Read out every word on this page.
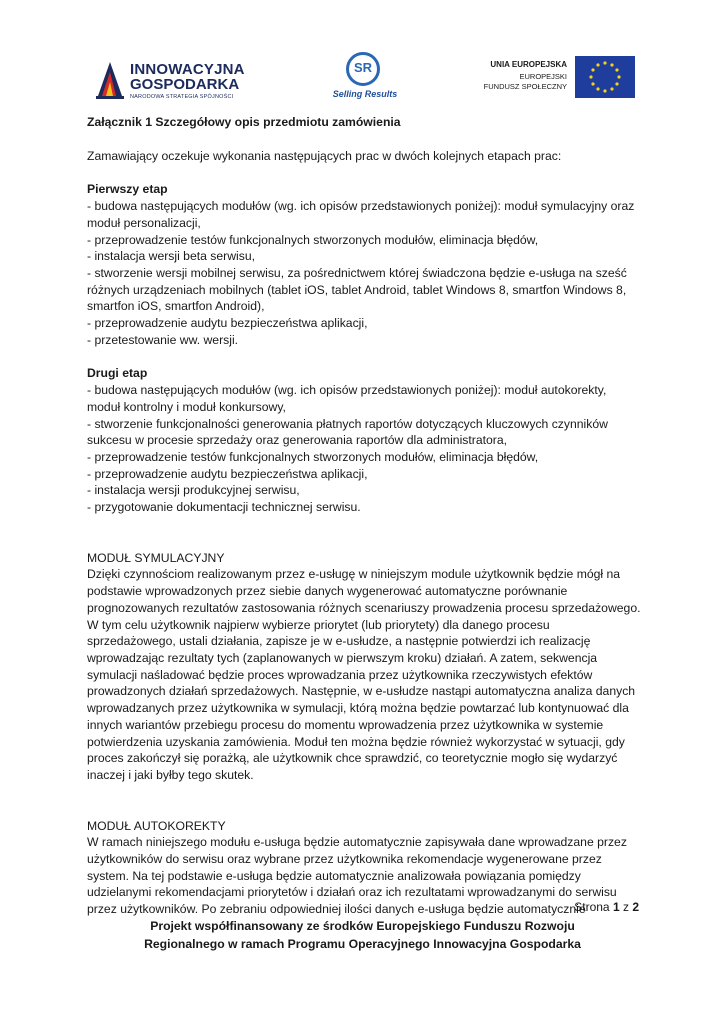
INNOWACYJNA
GOSPODARKA
NARODOWA STRATEGIA SPÓJNOŚCI
SR
Selling Results
UNIA EUROPEJSKA
EUROPEJSKI
FUNDUSZ SPOŁECZNY

Załącznik 1 Szczegółowy opis przedmiotu zamówienia

Zamawiający oczekuje wykonania następujących prac w dwóch kolejnych etapach prac:

Pierwszy etap

- budowa następujących modułów (wg. ich opisów przedstawionych poniżej): moduł symulacyjny oraz

moduł personalizacji,

- przeprowadzenie testów funkcjonalnych stworzonych modułów, eliminacja błędów,

- instalacja wersji beta serwisu,

- stworzenie wersji mobilnej serwisu, za pośrednictwem której świadczona będzie e-usługa na sześć

różnych urządzeniach mobilnych (tablet iOS, tablet Android, tablet Windows 8, smartfon Windows 8,

smartfon iOS, smartfon Android),

- przeprowadzenie audytu bezpieczeństwa aplikacji,

- przetestowanie ww. wersji.

Drugi etap

- budowa następujących modułów (wg. ich opisów przedstawionych poniżej): moduł autokorekty,

moduł kontrolny i moduł konkursowy,

- stworzenie funkcjonalności generowania płatnych raportów dotyczących kluczowych czynników

sukcesu w procesie sprzedaży oraz generowania raportów dla administratora,

- przeprowadzenie testów funkcjonalnych stworzonych modułów, eliminacja błędów,

- przeprowadzenie audytu bezpieczeństwa aplikacji,

- instalacja wersji produkcyjnej serwisu,

- przygotowanie dokumentacji technicznej serwisu.

MODUŁ SYMULACYJNY

Dzięki czynnościom realizowanym przez e-usługę w niniejszym module użytkownik będzie mógł na

podstawie wprowadzonych przez siebie danych wygenerować automatyczne porównanie

prognozowanych rezultatów zastosowania różnych scenariuszy prowadzenia procesu sprzedażowego.

W tym celu użytkownik najpierw wybierze priorytet (lub priorytety) dla danego procesu

sprzedażowego, ustali działania, zapisze je w e-usłudze, a następnie potwierdzi ich realizację

wprowadzając rezultaty tych (zaplanowanych w pierwszym kroku) działań. A zatem, sekwencja

symulacji naśladować będzie proces wprowadzania przez użytkownika rzeczywistych efektów

prowadzonych działań sprzedażowych. Następnie, w e-usłudze nastąpi automatyczna analiza danych

wprowadzanych przez użytkownika w symulacji, którą można będzie powtarzać lub kontynuować dla

innych wariantów przebiegu procesu do momentu wprowadzenia przez użytkownika w systemie

potwierdzenia uzyskania zamówienia. Moduł ten można będzie również wykorzystać w sytuacji, gdy

proces zakończył się porażką, ale użytkownik chce sprawdzić, co teoretycznie mogło się wydarzyć

inaczej i jaki byłby tego skutek.

MODUŁ AUTOKOREKTY

W ramach niniejszego modułu e-usługa będzie automatycznie zapisywała dane wprowadzane przez

użytkowników do serwisu oraz wybrane przez użytkownika rekomendacje wygenerowane przez

system. Na tej podstawie e-usługa będzie automatycznie analizowała powiązania pomiędzy

udzielanymi rekomendacjami priorytetów i działań oraz ich rezultatami wprowadzanymi do serwisu

przez użytkowników. Po zebraniu odpowiedniej ilości danych e-usługa będzie automatycznie

Strona 1 z 2
Projekt współfinansowany ze środków Europejskiego Funduszu Rozwoju
Regionalnego w ramach Programu Operacyjnego Innowacyjna Gospodarka
